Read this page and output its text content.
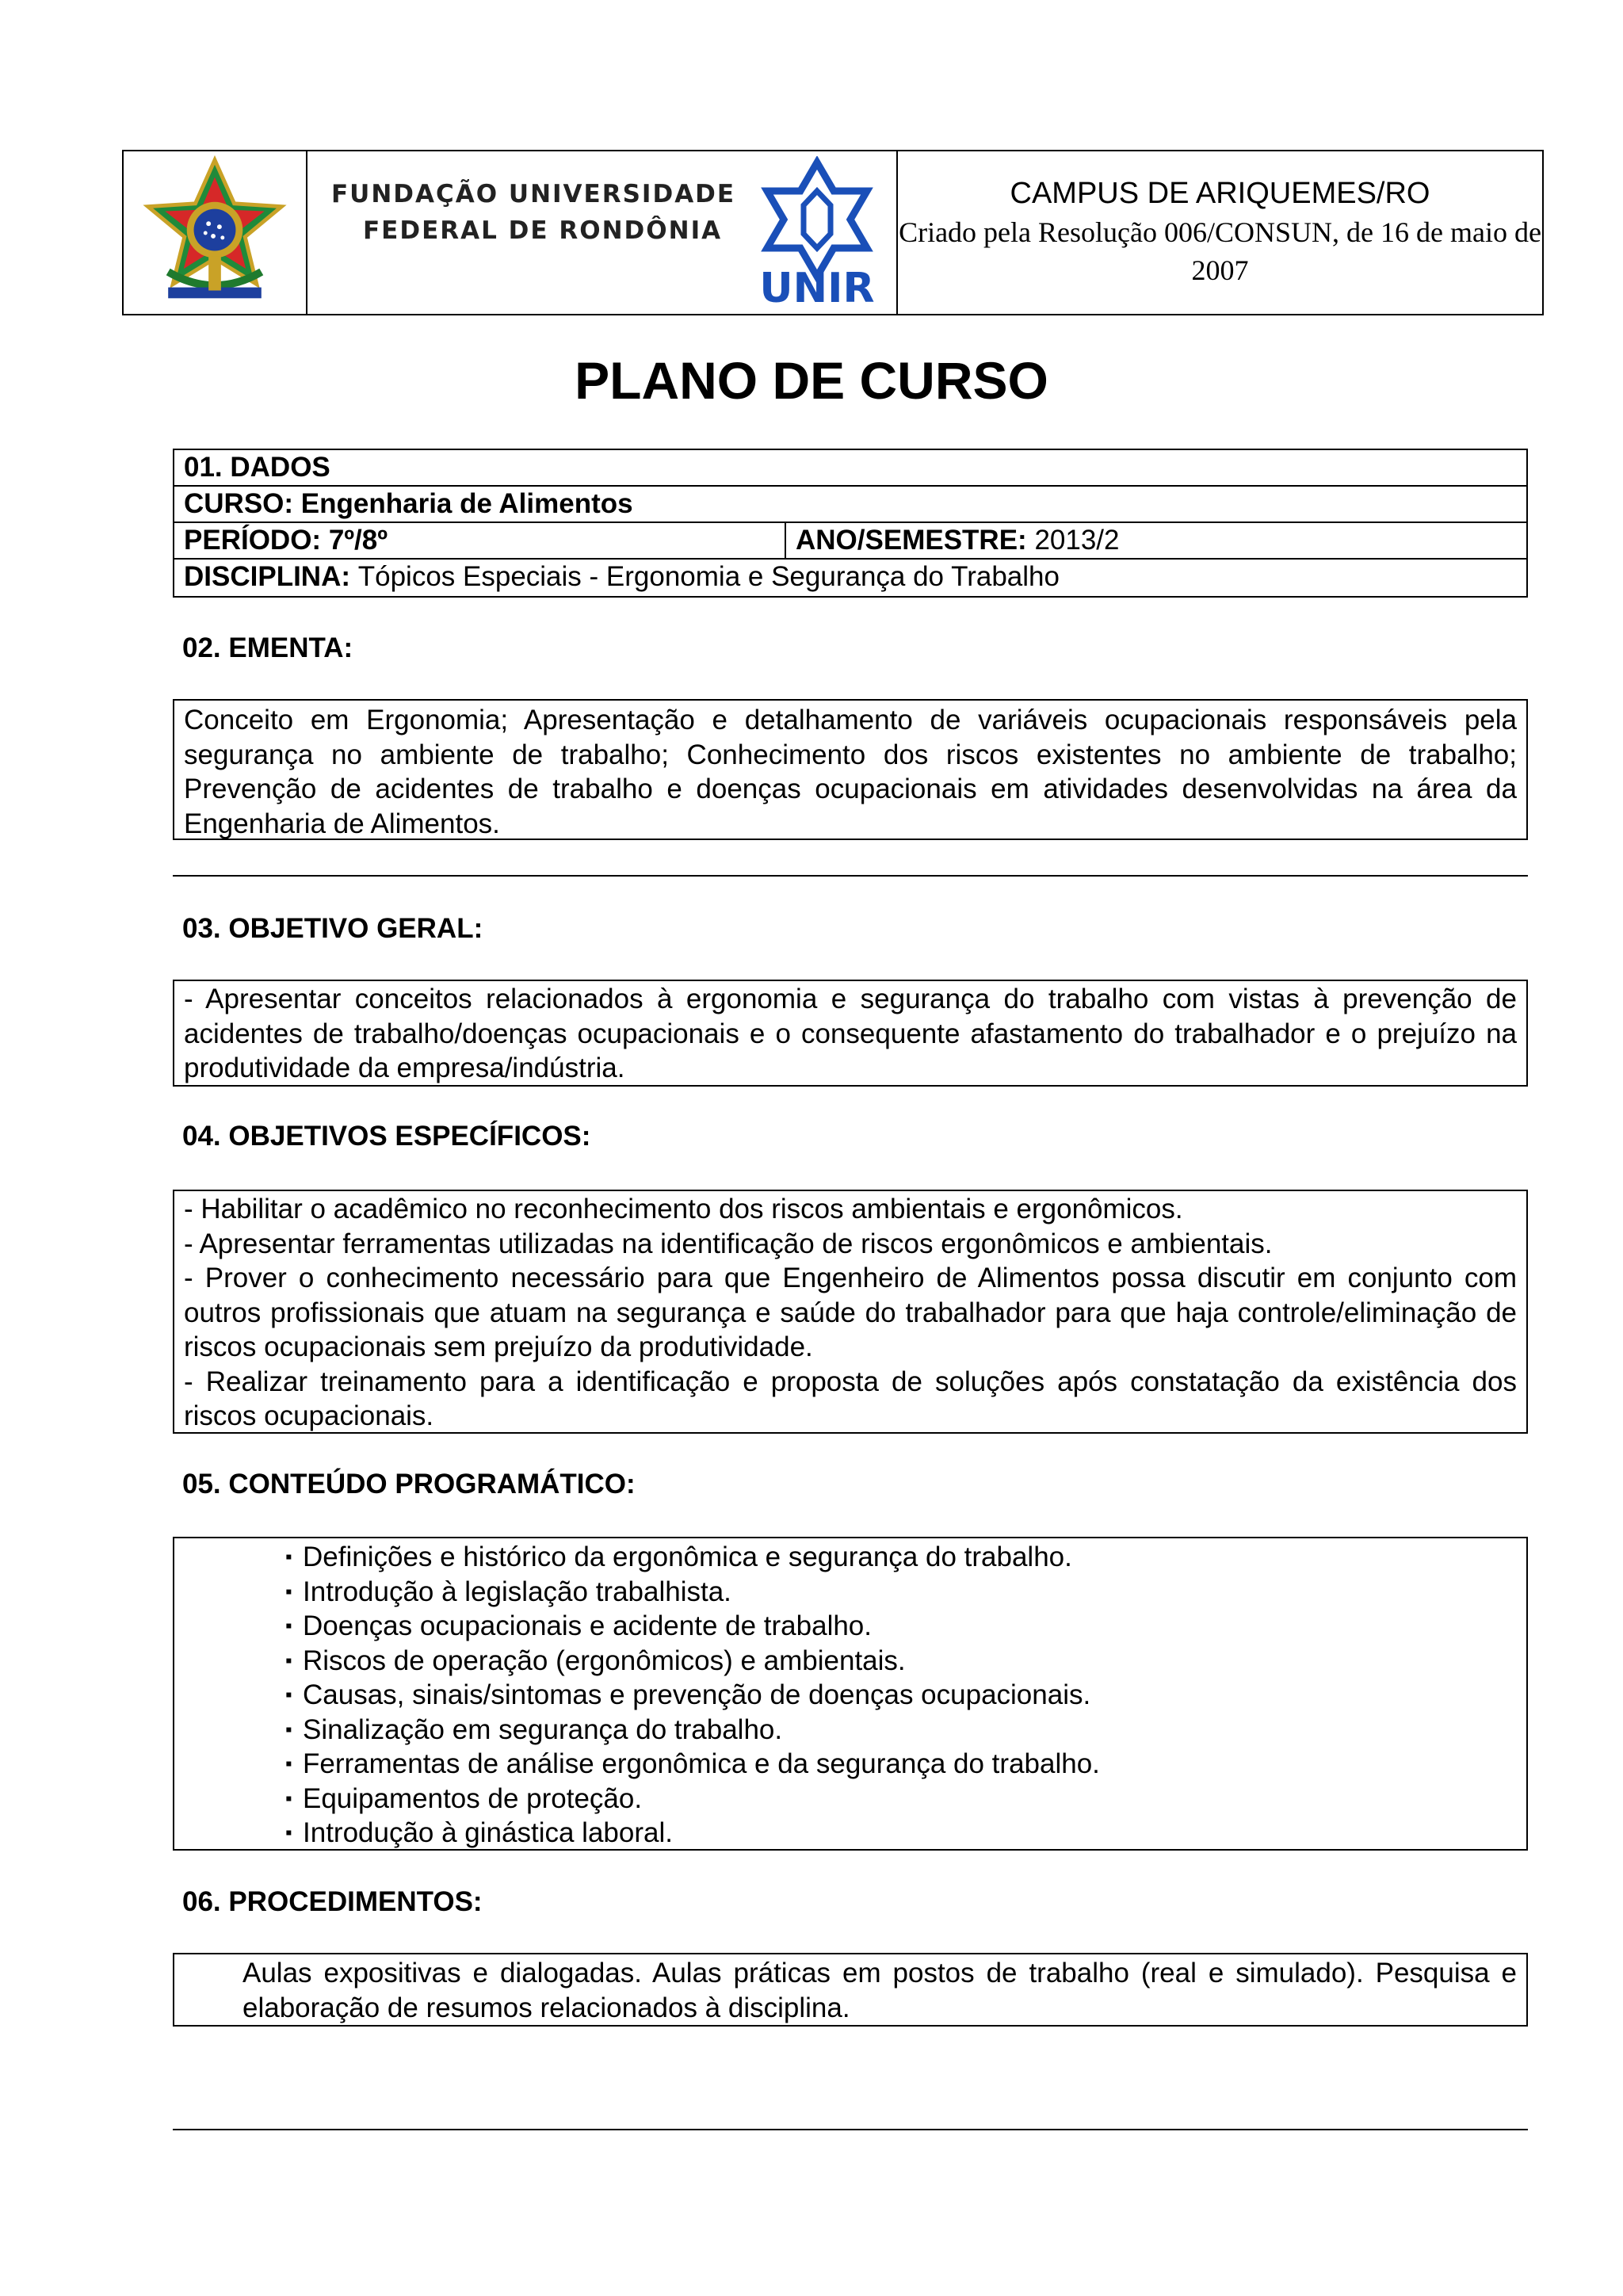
FUNDAÇÃO UNIVERSIDADE
FEDERAL DE RONDÔNIA
UNIR
CAMPUS DE ARIQUEMES/RO
Criado pela Resolução 006/CONSUN, de 16 de maio de 2007
PLANO DE CURSO
01. DADOS
CURSO:
Engenharia de Alimentos
PERÍODO: 7º/8º	ANO/SEMESTRE: 2013/2
DISCIPLINA:
Tópicos Especiais - Ergonomia e Segurança do Trabalho
02. EMENTA:

Conceito em Ergonomia; Apresentação e detalhamento de variáveis ocupacionais responsáveis pela segurança no ambiente de trabalho; Conhecimento dos riscos existentes no ambiente de trabalho; Prevenção de acidentes de trabalho e doenças ocupacionais em atividades desenvolvidas na área da Engenharia de Alimentos.

03. OBJETIVO GERAL:

- Apresentar conceitos relacionados à ergonomia e segurança do trabalho com vistas à prevenção de acidentes de trabalho/doenças ocupacionais e o consequente afastamento do trabalhador e o prejuízo na produtividade da empresa/indústria.

04. OBJETIVOS ESPECÍFICOS:

- Habilitar o acadêmico no reconhecimento dos riscos ambientais e ergonômicos.

- Apresentar ferramentas utilizadas na identificação de riscos ergonômicos e ambientais.

- Prover o conhecimento necessário para que Engenheiro de Alimentos possa discutir em conjunto com outros profissionais que atuam na segurança e saúde do trabalhador para que haja controle/eliminação de riscos ocupacionais sem prejuízo da produtividade.

- Realizar treinamento para a identificação e proposta de soluções após constatação da existência dos riscos ocupacionais.

05. CONTEÚDO PROGRAMÁTICO:
▪ Definições e histórico da ergonômica e segurança do trabalho.
▪ Introdução à legislação trabalhista.
▪ Doenças ocupacionais e acidente de trabalho.
▪ Riscos de operação (ergonômicos) e ambientais.
▪ Causas, sinais/sintomas e prevenção de doenças ocupacionais.
▪ Sinalização em segurança do trabalho.
▪ Ferramentas de análise ergonômica e da segurança do trabalho.
▪ Equipamentos de proteção.
▪ Introdução à ginástica laboral.
06. PROCEDIMENTOS:

Aulas expositivas e dialogadas. Aulas práticas em postos de trabalho (real e simulado). Pesquisa e elaboração de resumos relacionados à disciplina.
